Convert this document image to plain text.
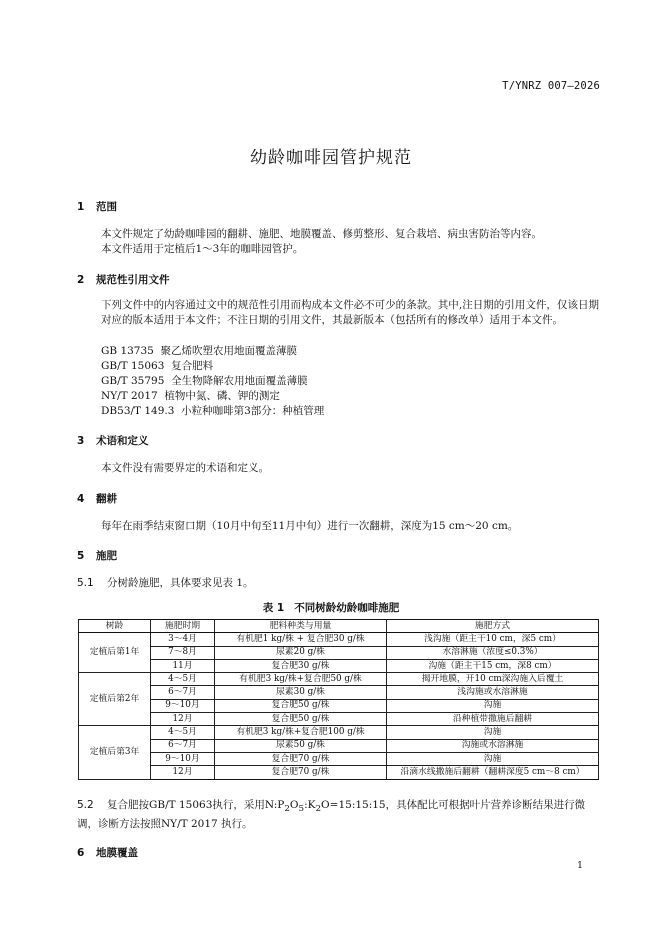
T/YNRZ 007—2026
幼龄咖啡园管护规范
1 范围
本文件规定了幼龄咖啡园的翻耕、施肥、地膜覆盖、修剪整形、复合栽培、病虫害防治等内容。
本文件适用于定植后1～3年的咖啡园管护。
2 规范性引用文件
下列文件中的内容通过文中的规范性引用而构成本文件必不可少的条款。其中,注日期的引用文件，仅该日期对应的版本适用于本文件；不注日期的引用文件，其最新版本（包括所有的修改单）适用于本文件。
GB 13735 聚乙烯吹塑农用地面覆盖薄膜
GB/T 15063 复合肥料
GB/T 35795 全生物降解农用地面覆盖薄膜
NY/T 2017 植物中氮、磷、钾的测定
DB53/T 149.3 小粒种咖啡第3部分：种植管理
3 术语和定义
本文件没有需要界定的术语和定义。
4 翻耕
每年在雨季结束窗口期（10月中旬至11月中旬）进行一次翻耕，深度为15 cm～20 cm。
5 施肥
5.1 分树龄施肥，具体要求见表 1。
表 1 不同树龄幼龄咖啡施肥
树龄	施肥时期	肥料种类与用量	施肥方式
定植后第1年	3～4月	有机肥1 kg/株 + 复合肥30 g/株	浅沟施（距主干10 cm，深5 cm）
	7～8月	尿素20 g/株	水溶淋施（浓度≤0.3%）
	11月	复合肥30 g/株	沟施（距主干15 cm，深8 cm）
定植后第2年	4～5月	有机肥3 kg/株+复合肥50 g/株	揭开地膜，开10 cm深沟施入后覆土
	6～7月	尿素30 g/株	浅沟施或水溶淋施
	9～10月	复合肥50 g/株	沟施
	12月	复合肥50 g/株	沿种植带撒施后翻耕
定植后第3年	4～5月	有机肥3 kg/株+复合肥100 g/株	沟施
	6～7月	尿素50 g/株	沟施或水溶淋施
	9～10月	复合肥70 g/株	沟施
	12月	复合肥70 g/株	沿滴水线撒施后翻耕（翻耕深度5 cm～8 cm）
5.2 复合肥按GB/T 15063执行，采用$N:P_2O_5:K_2O=15:15:15$，具体配比可根据叶片营养诊断结果进行微调，诊断方法按照NY/T 2017 执行。
6 地膜覆盖
1
